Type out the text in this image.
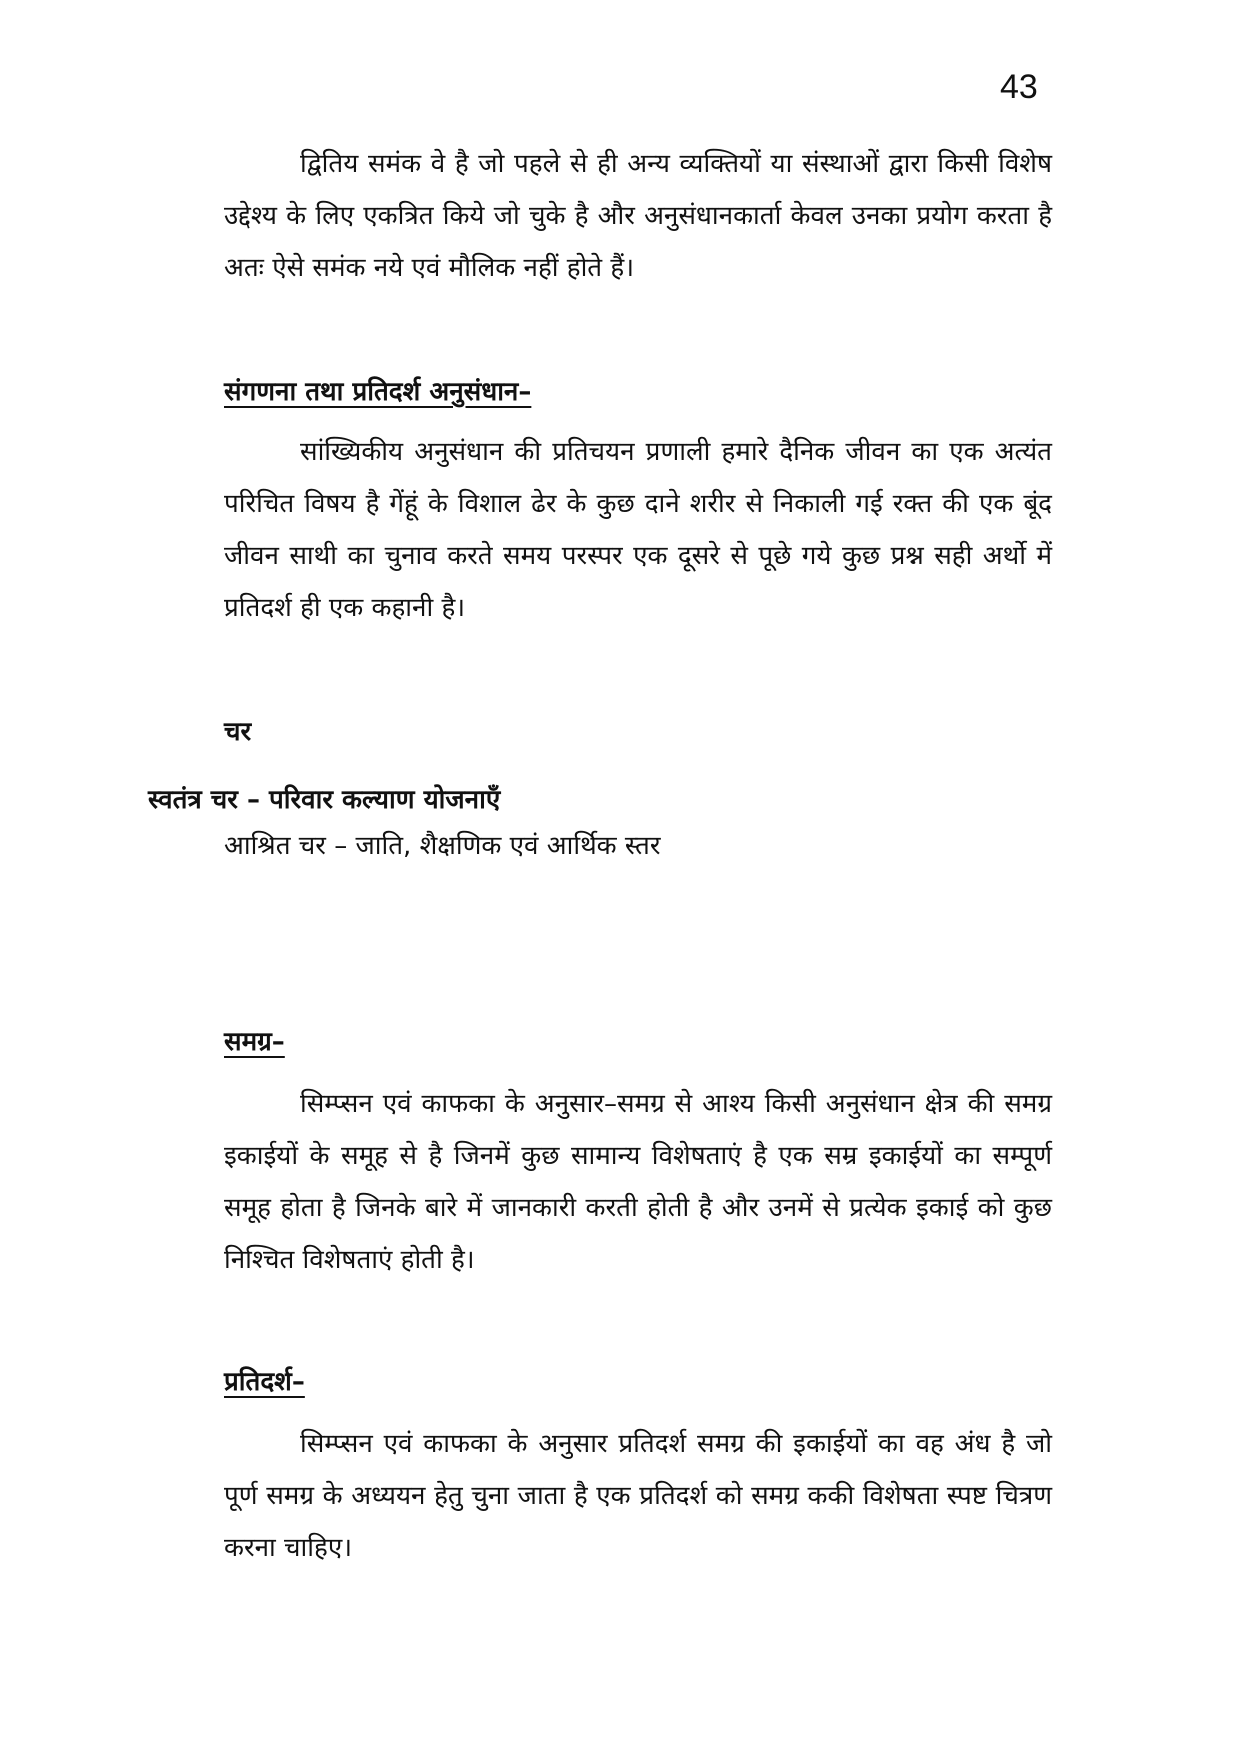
43

द्वितिय समंक वे है जो पहले से ही अन्य व्यक्तियों या संस्थाओं द्वारा किसी विशेष उद्देश्य के लिए एकत्रित किये जो चुके है और अनुसंधानकार्ता केवल उनका प्रयोग करता है अतः ऐसे समंक नये एवं मौलिक नहीं होते हैं।

संगणना तथा प्रतिदर्श अनुसंधान–

सांख्यिकीय अनुसंधान की प्रतिचयन प्रणाली हमारे दैनिक जीवन का एक अत्यंत परिचित विषय है गेंहूं के विशाल ढेर के कुछ दाने शरीर से निकाली गई रक्त की एक बूंद जीवन साथी का चुनाव करते समय परस्पर एक दूसरे से पूछे गये कुछ प्रश्न सही अर्थो में प्रतिदर्श ही एक कहानी है।

चर
स्वतंत्र चर – परिवार कल्याण योजनाएँ
आश्रित चर – जाति, शैक्षणिक एवं आर्थिक स्तर
समग्र–

सिम्प्सन एवं काफका के अनुसार–समग्र से आश्य किसी अनुसंधान क्षेत्र की समग्र इकाईयों के समूह से है जिनमें कुछ सामान्य विशेषताएं है एक सम्र इकाईयों का सम्पूर्ण समूह होता है जिनके बारे में जानकारी करती होती है और उनमें से प्रत्येक इकाई को कुछ निश्चित विशेषताएं होती है।

प्रतिदर्श–

सिम्प्सन एवं काफका के अनुसार प्रतिदर्श समग्र की इकाईयों का वह अंध है जो पूर्ण समग्र के अध्ययन हेतु चुना जाता है एक प्रतिदर्श को समग्र ककी विशेषता स्पष्ट चित्रण करना चाहिए।
